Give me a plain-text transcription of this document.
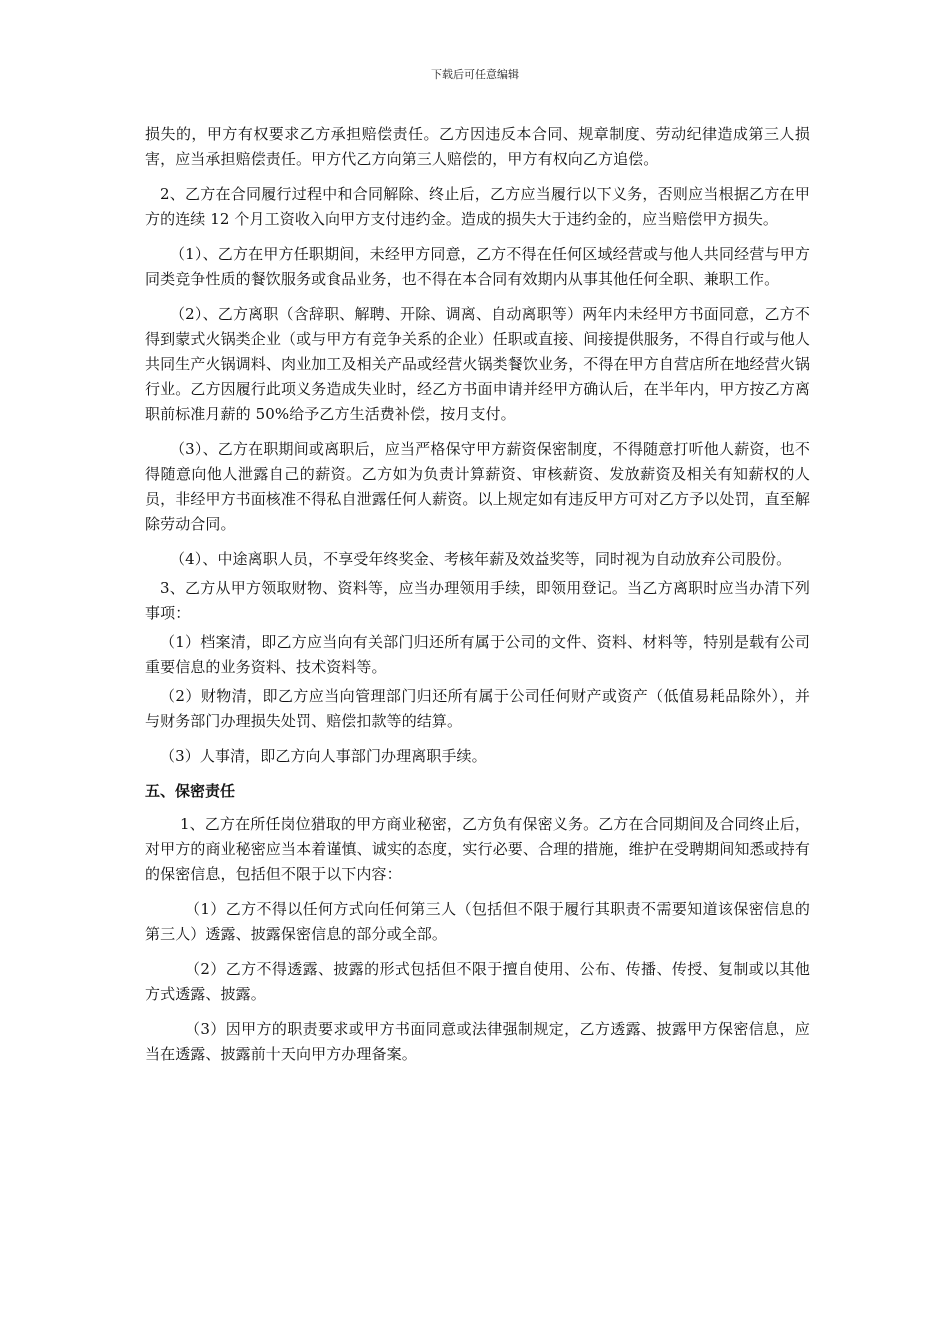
下载后可任意编辑

损失的，甲方有权要求乙方承担赔偿责任。乙方因违反本合同、规章制度、劳动纪律造成第三人损害，应当承担赔偿责任。甲方代乙方向第三人赔偿的，甲方有权向乙方追偿。

2、乙方在合同履行过程中和合同解除、终止后，乙方应当履行以下义务，否则应当根据乙方在甲方的连续 12 个月工资收入向甲方支付违约金。造成的损失大于违约金的，应当赔偿甲方损失。

（1）、乙方在甲方任职期间，未经甲方同意，乙方不得在任何区域经营或与他人共同经营与甲方同类竞争性质的餐饮服务或食品业务，也不得在本合同有效期内从事其他任何全职、兼职工作。

（2）、乙方离职（含辞职、解聘、开除、调离、自动离职等）两年内未经甲方书面同意，乙方不得到蒙式火锅类企业（或与甲方有竞争关系的企业）任职或直接、间接提供服务，不得自行或与他人共同生产火锅调料、肉业加工及相关产品或经营火锅类餐饮业务，不得在甲方自营店所在地经营火锅行业。乙方因履行此项义务造成失业时，经乙方书面申请并经甲方确认后，在半年内，甲方按乙方离职前标准月薪的 50%给予乙方生活费补偿，按月支付。

（3）、乙方在职期间或离职后，应当严格保守甲方薪资保密制度，不得随意打听他人薪资，也不得随意向他人泄露自己的薪资。乙方如为负责计算薪资、审核薪资、发放薪资及相关有知薪权的人员，非经甲方书面核准不得私自泄露任何人薪资。以上规定如有违反甲方可对乙方予以处罚，直至解除劳动合同。

（4）、中途离职人员，不享受年终奖金、考核年薪及效益奖等，同时视为自动放弃公司股份。

3、乙方从甲方领取财物、资料等，应当办理领用手续，即领用登记。当乙方离职时应当办清下列事项：

（1）档案清，即乙方应当向有关部门归还所有属于公司的文件、资料、材料等，特别是载有公司重要信息的业务资料、技术资料等。

（2）财物清，即乙方应当向管理部门归还所有属于公司任何财产或资产（低值易耗品除外），并与财务部门办理损失处罚、赔偿扣款等的结算。

（3）人事清，即乙方向人事部门办理离职手续。

五、保密责任

1、乙方在所任岗位猎取的甲方商业秘密，乙方负有保密义务。乙方在合同期间及合同终止后，对甲方的商业秘密应当本着谨慎、诚实的态度，实行必要、合理的措施，维护在受聘期间知悉或持有的保密信息，包括但不限于以下内容：

（1）乙方不得以任何方式向任何第三人（包括但不限于履行其职责不需要知道该保密信息的第三人）透露、披露保密信息的部分或全部。

（2）乙方不得透露、披露的形式包括但不限于擅自使用、公布、传播、传授、复制或以其他方式透露、披露。

（3）因甲方的职责要求或甲方书面同意或法律强制规定，乙方透露、披露甲方保密信息，应当在透露、披露前十天向甲方办理备案。
